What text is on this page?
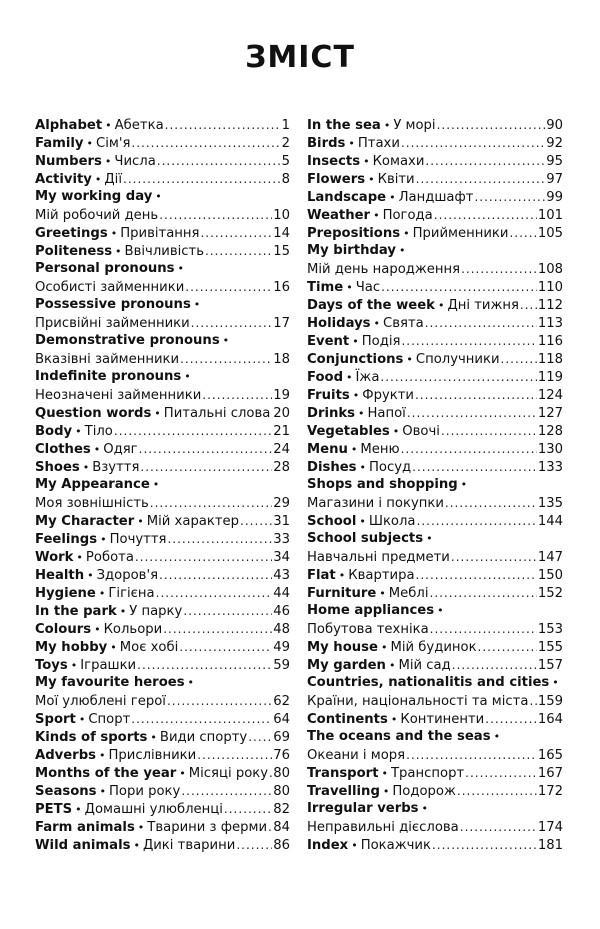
ЗМІСТ
Alphabet • Абетка .....	1
Family • Сім'я .....	2
Numbers • Числа .....	5
Activity • Дії .....	8
My working day •
Мій робочий день .....	10
Greetings • Привітання .....	14
Politeness • Ввічливість .....	15
Personal pronouns •
Особисті займенники .....	16
Possessive pronouns •
Присвійні займенники .....	17
Demonstrative pronouns •
Вказівні займенники .....	18
Indefinite pronouns •
Неозначені займенники .....	19
Question words • Питальні слова ..... 20
Body • Тіло .....	21
Clothes • Одяг .....	24
Shoes • Взуття .....	28
My Appearance •
Моя зовнішність .....	29
My Character • Мій характер .....	31
Feelings • Почуття .....	33
Work • Робота .....	34
Health • Здоров'я .....	43
Hygiene • Гігієна .....	44
In the park • У парку .....	46
Colours • Кольори .....	48
My hobby • Моє хобі .....	49
Toys • Іграшки .....	59
My favourite heroes •
Мої улюблені герої .....	62
Sport • Спорт .....	64
Kinds of sports • Види спорту ..... 69
Adverbs • Прислівники .....	76
Months of the year • Місяці року ..... 80
Seasons • Пори року .....	80
PETS • Домашні улюбленці .....	82
Farm animals • Тварини з ферми ..... 84
Wild animals • Дикі тварини .....	86
In the sea • У морі .....	90
Birds • Птахи .....	92
Insects • Комахи .....	95
Flowers • Квіти .....	97
Landscape • Ландшафт .....	99
Weather • Погода .....	101
Prepositions • Прийменники ..... 105
My birthday •
Мій день народження .....	108
Time • Час .....	110
Days of the week • Дні тижня ..... 112
Holidays • Свята .....	113
Event • Подія .....	116
Conjunctions • Сполучники .....	118
Food • Їжа .....	119
Fruits • Фрукти .....	124
Drinks • Напої .....	127
Vegetables • Овочі .....	128
Menu • Меню .....	130
Dishes • Посуд .....	133
Shops and shopping •
Магазини і покупки .....	135
School • Школа .....	144
School subjects •
Навчальні предмети .....	147
Flat • Квартира .....	150
Furniture • Меблі .....	152
Home appliances •
Побутова техніка .....	153
My house • Мій будинок .....	155
My garden • Мій сад .....	157
Countries, nationalitis and cities •
Країни, національності та міста ..... 159
Continents • Континенти .....	164
The oceans and the seas •
Океани і моря .....	165
Transport • Транспорт .....	167
Travelling • Подорож .....	172
Irregular verbs •
Неправильні дієслова .....	174
Index • Покажчик .....	181
